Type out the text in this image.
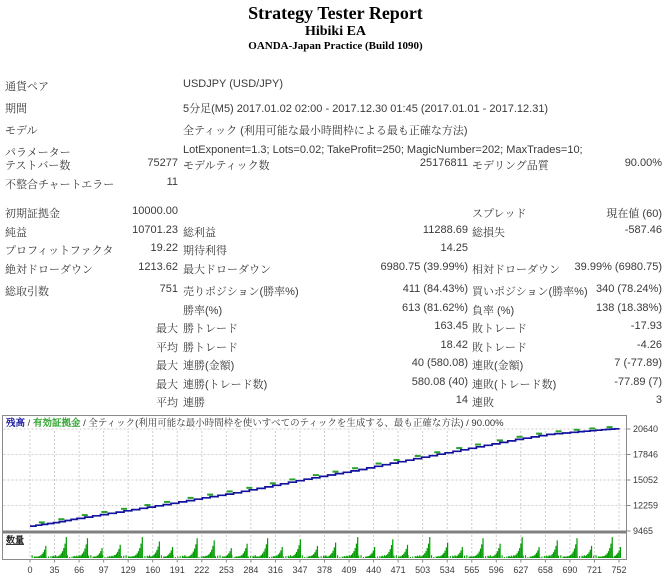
Strategy Tester Report
Hibiki EA
OANDA-Japan Practice (Build 1090)
通貨ペア	USDJPY (USD/JPY)
期間	5分足(M5) 2017.01.02 02:00 - 2017.12.30 01:45 (2017.01.01 - 2017.12.31)
モデル	全ティック (利用可能な最小時間枠による最も正確な方法)
パラメーター	LotExponent=1.3; Lots=0.02; TakeProfit=250; MagicNumber=202; MaxTrades=10;
テストバー数	75277 モデルティック数	25176811 モデリング品質	90.00%
不整合チャートエラー	11
初期証拠金	10000.00	スプレッド	現在値 (60)
純益	10701.23 総利益	11288.69 総損失	-587.46
プロフィットファクタ	19.22 期待利得	14.25
絶対ドローダウン	1213.62 最大ドローダウン	6980.75 (39.99%) 相対ドローダウン	39.99% (6980.75)
総取引数	751 売りポジション(勝率%)	411 (84.43%) 買いポジション(勝率%) 340 (78.24%)
勝率(%)	613 (81.62%) 負率 (%)	138 (18.38%)
最大 勝トレード	163.45 敗トレード	-17.93
平均 勝トレード	18.42 敗トレード	-4.26
最大 連勝(金額)	40 (580.08) 連敗(金額)	7 (-77.89)
最大 連勝(トレード数)	580.08 (40) 連敗(トレード数)	-77.89 (7)
平均 連勝	14 連敗	3
0 35 66 97 129 160 191 222 253 284 316 347 378 409 440 471 503 534 565 596 627 658 690 721 752
20640
17846
15052
12259
9465
残高 / 有効証拠金 / 全ティック(利用可能な最小時間枠を使いすべてのティックを生成する、最も正確な方法) / 90.00%
数量
